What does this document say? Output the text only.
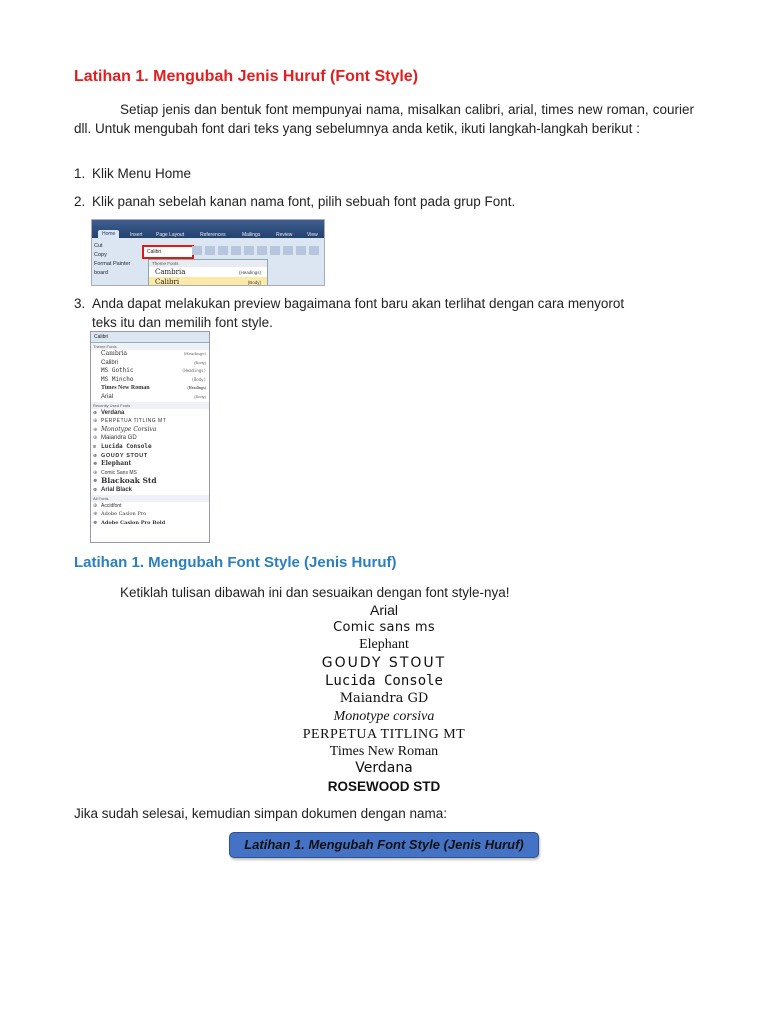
Latihan 1. Mengubah Jenis Huruf (Font Style)
Setiap jenis dan bentuk font mempunyai nama, misalkan calibri, arial, times new roman, courier dll. Untuk mengubah font dari teks yang sebelumnya anda ketik, ikuti langkah-langkah berikut :
1. Klik Menu Home
2. Klik panah sebelah kanan nama font, pilih sebuah font pada grup Font.
Home	Insert	Page Layout	References	Mailings	Review	View
Cut
Copy
Format Painter
board
Calibri
Theme Fonts
Cambria	(Headings)
Calibri	(Body)
3. Anda dapat melakukan preview bagaimana font baru akan terlihat dengan cara menyorot
teks itu dan memilih font style.
Calibri
Theme Fonts
Cambria	(Headings)
Calibri	(Body)
MS Gothic	(Headings)
MS Mincho	(Body)
Times New Roman	(Headings)
Arial	(Body)
Recently Used Fonts
⊕ Verdana
⊕ PERPETUA TITLING MT
⊕ Monotype Corsiva
⊕ Maiandra GD
⊕ Lucida Console
⊕ GOUDY STOUT
⊕ Elephant
⊕ Comic Sans MS
⊕ Blackoak Std
⊕ Arial Black
All Fonts
⊕ Accidfont
⊕ Adobe Caslon Pro
⊕ Adobe Caslon Pro Bold
Latihan 1. Mengubah Font Style (Jenis Huruf)
Ketiklah tulisan dibawah ini dan sesuaikan dengan font style-nya!
Arial
Comic sans ms
Elephant
GOUDY STOUT
Lucida Console
Maiandra GD
Monotype corsiva
PERPETUA TITLING MT
Times New Roman
Verdana
ROSEWOOD STD
Jika sudah selesai, kemudian simpan dokumen dengan nama:
Latihan 1. Mengubah Font Style (Jenis Huruf)
